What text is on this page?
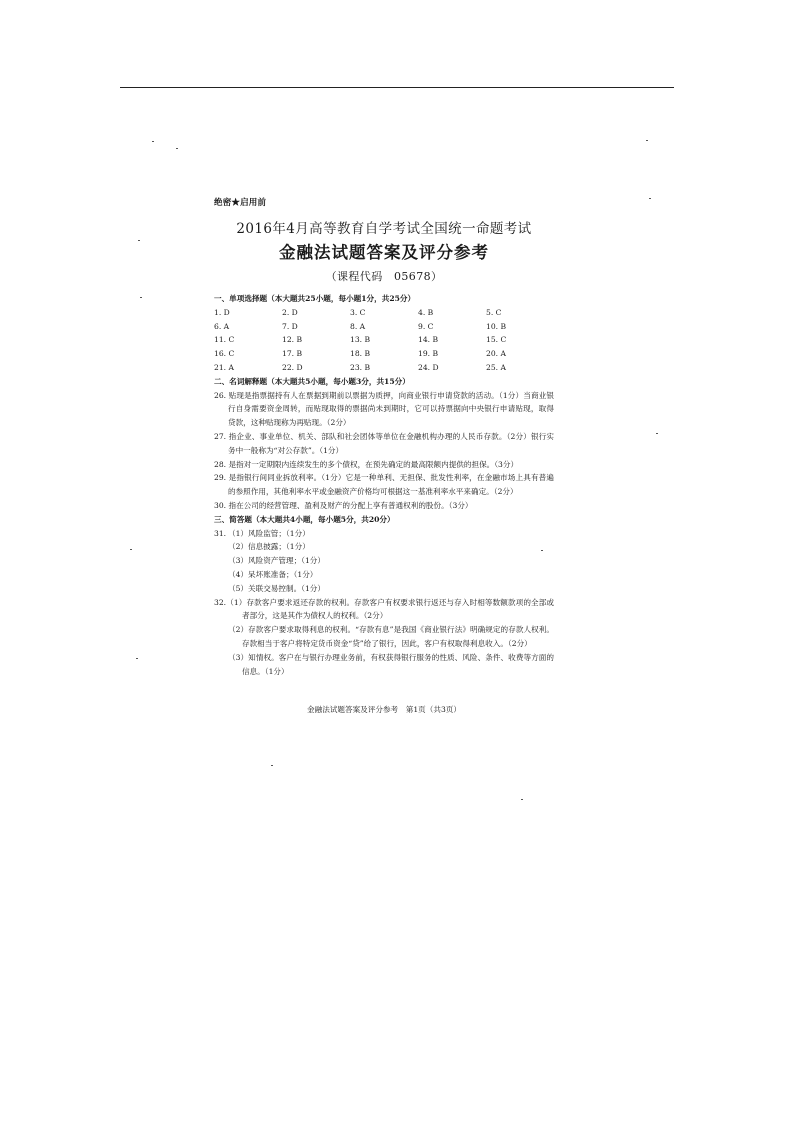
绝密★启用前
2016年4月高等教育自学考试全国统一命题考试
金融法试题答案及评分参考
（课程代码　05678）
一、单项选择题（本大题共25小题，每小题1分，共25分）
1. D	2. D	3. C	4. B	5. C
6. A	7. D	8. A	9. C	10. B
11. C	12. B	13. B	14. B	15. C
16. C	17. B	18. B	19. B	20. A
21. A	22. D	23. B	24. D	25. A
二、名词解释题（本大题共5小题，每小题3分，共15分）
26. 贴现是指票据持有人在票据到期前以票据为质押，向商业银行申请贷款的活动。（1分）当商业银行自身需要资金周转，而贴现取得的票据尚未到期时，它可以持票据向中央银行申请贴现，取得贷款，这种贴现称为再贴现。（2分）
27. 指企业、事业单位、机关、部队和社会团体等单位在金融机构办理的人民币存款。（2分）银行实务中一般称为“对公存款”。（1分）
28. 是指对一定期限内连续发生的多个债权，在预先确定的最高限额内提供的担保。（3分）
29. 是指银行间同业拆放利率。（1分）它是一种单利、无担保、批发性利率，在金融市场上具有普遍的参照作用，其他利率水平或金融资产价格均可根据这一基准利率水平来确定。（2分）
30. 指在公司的经营管理、盈利及财产的分配上享有普通权利的股份。（3分）
三、简答题（本大题共4小题，每小题5分，共20分）
31. （1）风险监管；（1分）
（2）信息披露；（1分）
（3）风险资产管理；（1分）
（4）呆坏账准备；（1分）
（5）关联交易控制。（1分）
32.（1）存款客户要求返还存款的权利。存款客户有权要求银行返还与存入时相等数额款项的全部或者部分，这是其作为债权人的权利。（2分）
（2）存款客户要求取得利息的权利。“存款有息”是我国《商业银行法》明确规定的存款人权利。存款相当于客户将特定货币资金“贷”给了银行，因此，客户有权取得利息收入。（2分）
（3）知情权。客户在与银行办理业务前，有权获得银行服务的性质、风险、条件、收费等方面的信息。（1分）
金融法试题答案及评分参考　第1页（共3页）
